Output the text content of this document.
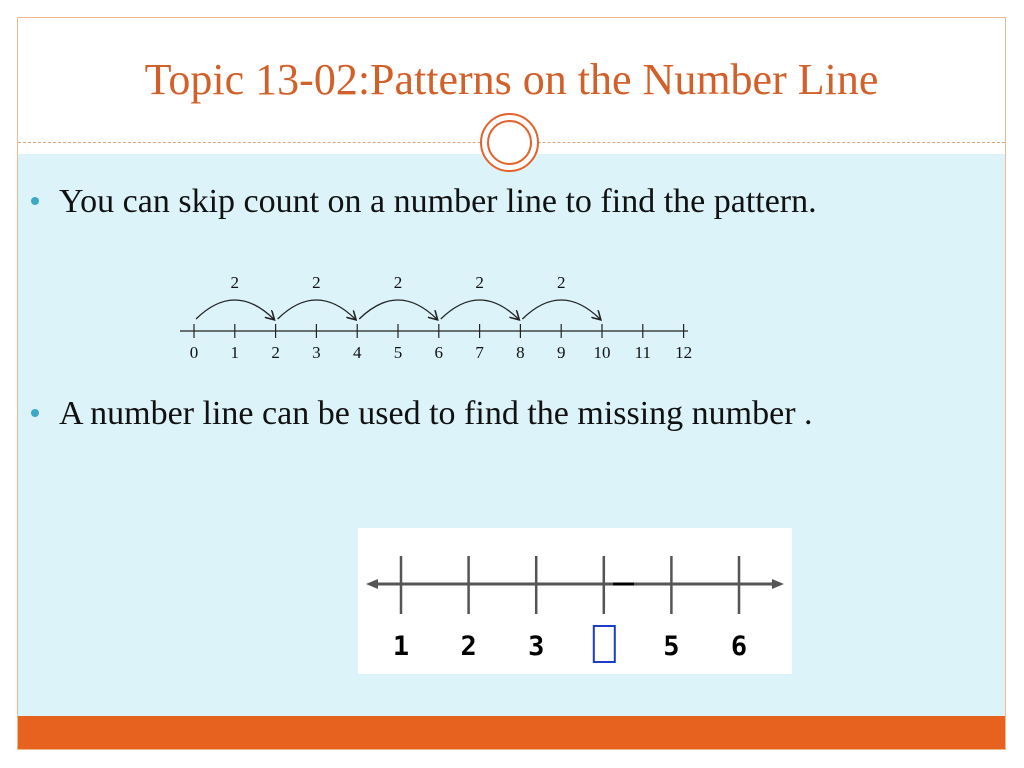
Topic 13-02:Patterns on the Number Line
You can skip count on a number line to find the pattern.
A number line can be used to find the missing number .
0 1 2 3 4 5 6 7 8 9 10 11 12
2	2	2	2	2
1 2 3	5 6
